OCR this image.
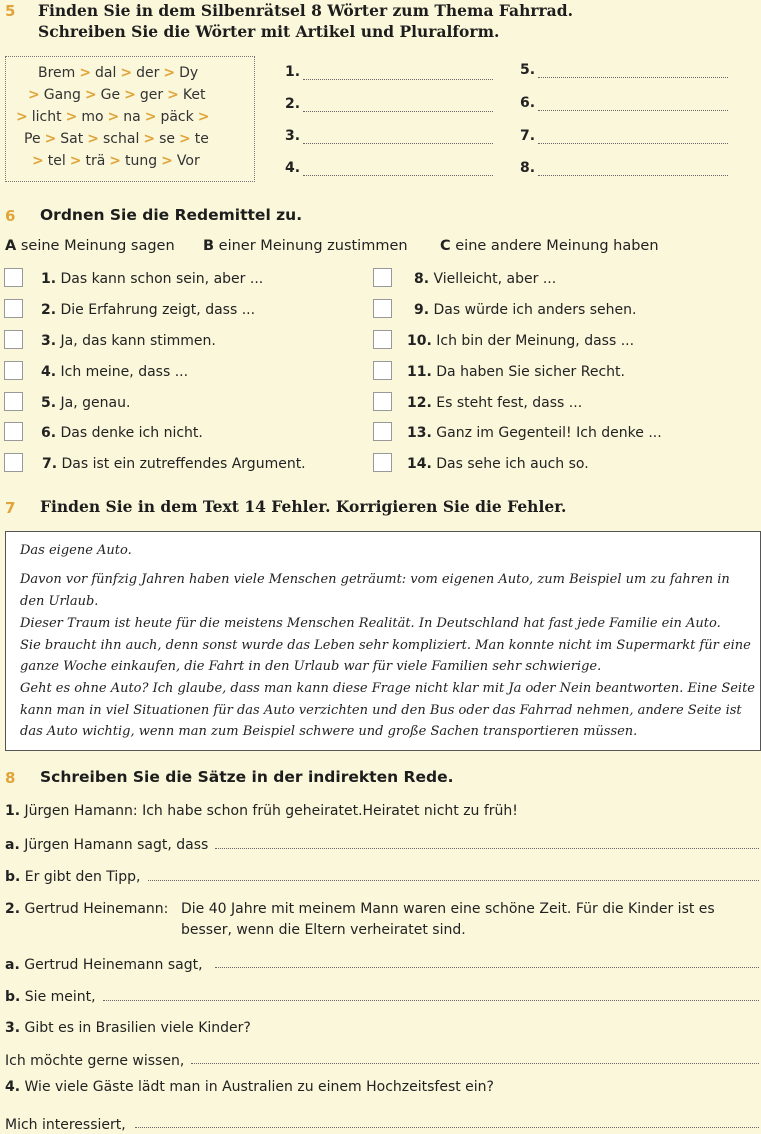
5 Finden Sie in dem Silbenrätsel 8 Wörter zum Thema Fahrrad.
Schreiben Sie die Wörter mit Artikel und Pluralform.
Brem > dal > der > Dy
> Gang > Ge > ger > Ket
> licht > mo > na > päck >
Pe > Sat > schal > se > te
> tel > trä > tung > Vor
1.
2.
3.
4.
5.
6.
7.
8.
6 Ordnen Sie die Redemittel zu.
A seine Meinung sagen B einer Meinung zustimmen C eine andere Meinung haben
1. Das kann schon sein, aber ...
2. Die Erfahrung zeigt, dass ...
3. Ja, das kann stimmen.
4. Ich meine, dass ...
5. Ja, genau.
6. Das denke ich nicht.
7. Das ist ein zutreffendes Argument.
8. Vielleicht, aber ...
9. Das würde ich anders sehen.
10. Ich bin der Meinung, dass ...
11. Da haben Sie sicher Recht.
12. Es steht fest, dass ...
13. Ganz im Gegenteil! Ich denke ...
14. Das sehe ich auch so.
7 Finden Sie in dem Text 14 Fehler. Korrigieren Sie die Fehler.
Das eigene Auto.
Davon vor fünfzig Jahren haben viele Menschen geträumt: vom eigenen Auto, zum Beispiel um zu fahren in
den Urlaub.
Dieser Traum ist heute für die meistens Menschen Realität. In Deutschland hat fast jede Familie ein Auto.
Sie braucht ihn auch, denn sonst wurde das Leben sehr kompliziert. Man konnte nicht im Supermarkt für eine
ganze Woche einkaufen, die Fahrt in den Urlaub war für viele Familien sehr schwierige.
Geht es ohne Auto? Ich glaube, dass man kann diese Frage nicht klar mit Ja oder Nein beantworten. Eine Seite
kann man in viel Situationen für das Auto verzichten und den Bus oder das Fahrrad nehmen, andere Seite ist
das Auto wichtig, wenn man zum Beispiel schwere und große Sachen transportieren müssen.
8 Schreiben Sie die Sätze in der indirekten Rede.
1. Jürgen Hamann: Ich habe schon früh geheiratet.Heiratet nicht zu früh!
a. Jürgen Hamann sagt, dass
b. Er gibt den Tipp,
2. Gertrud Heinemann: Die 40 Jahre mit meinem Mann waren eine schöne Zeit. Für die Kinder ist es
besser, wenn die Eltern verheiratet sind.
a. Gertrud Heinemann sagt,
b. Sie meint,
3. Gibt es in Brasilien viele Kinder?
Ich möchte gerne wissen,
4. Wie viele Gäste lädt man in Australien zu einem Hochzeitsfest ein?
Mich interessiert,
